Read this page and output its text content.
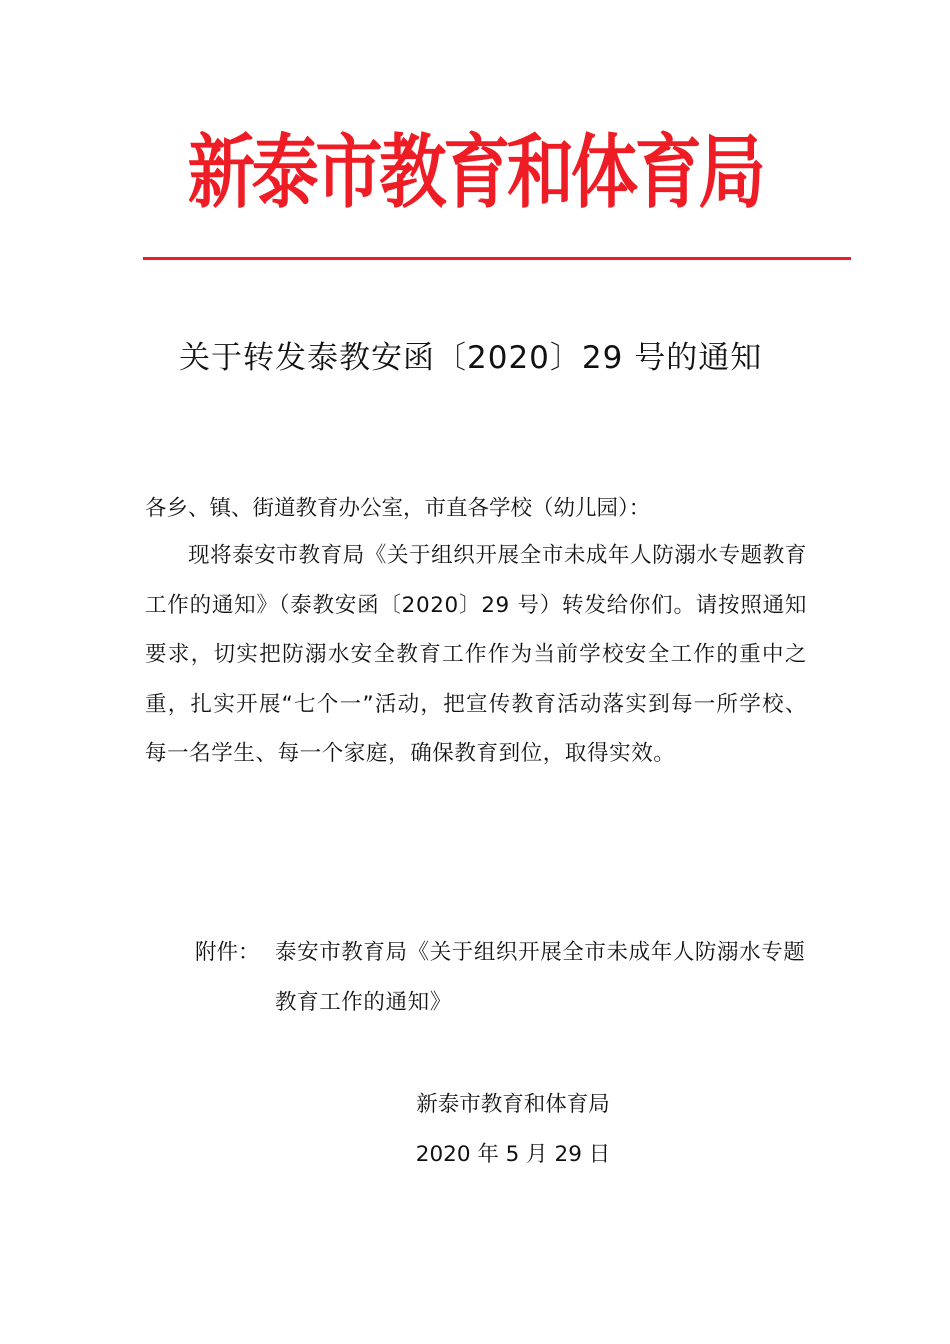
新泰市教育和体育局
关于转发泰教安函〔2020〕29 号的通知
各乡、镇、街道教育办公室，市直各学校（幼儿园）：
现将泰安市教育局《关于组织开展全市未成年人防溺水专题教育工作的通知》（泰教安函〔2020〕29 号）转发给你们。请按照通知要求，切实把防溺水安全教育工作作为当前学校安全工作的重中之重，扎实开展“七个一”活动，把宣传教育活动落实到每一所学校、每一名学生、每一个家庭，确保教育到位，取得实效。
附件： 泰安市教育局《关于组织开展全市未成年人防溺水专题教育工作的通知》
新泰市教育和体育局
2020 年 5 月 29 日
